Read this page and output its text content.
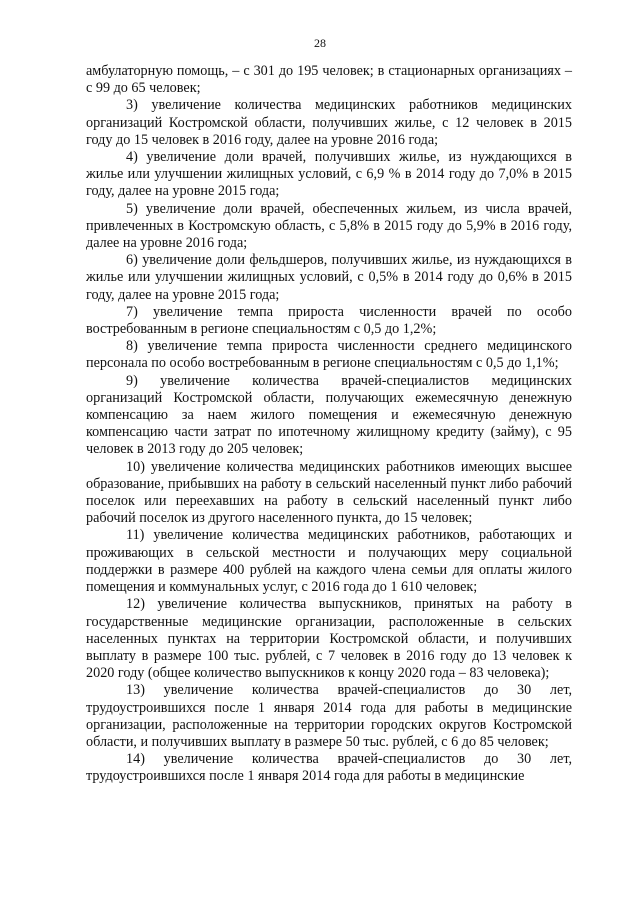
28

амбулаторную помощь, – с 301 до 195 человек; в стационарных организациях – с 99 до 65 человек;

3) увеличение количества медицинских работников медицинских организаций Костромской области, получивших жилье, с 12 человек в 2015 году до 15 человек в 2016 году, далее на уровне 2016 года;

4) увеличение доли врачей, получивших жилье, из нуждающихся в жилье или улучшении жилищных условий, с 6,9 % в 2014 году до 7,0% в 2015 году, далее на уровне 2015 года;

5) увеличение доли врачей, обеспеченных жильем, из числа врачей, привлеченных в Костромскую область, с 5,8% в 2015 году до 5,9% в 2016 году, далее на уровне 2016 года;

6) увеличение доли фельдшеров, получивших жилье, из нуждающихся в жилье или улучшении жилищных условий, с 0,5% в 2014 году до 0,6% в 2015 году, далее на уровне 2015 года;

7) увеличение темпа прироста численности врачей по особо востребованным в регионе специальностям с 0,5 до 1,2%;

8) увеличение темпа прироста численности среднего медицинского персонала по особо востребованным в регионе специальностям с 0,5 до 1,1%;

9) увеличение количества врачей-специалистов медицинских организаций Костромской области, получающих ежемесячную денежную компенсацию за наем жилого помещения и ежемесячную денежную компенсацию части затрат по ипотечному жилищному кредиту (займу), с 95 человек в 2013 году до 205 человек;

10) увеличение количества медицинских работников имеющих высшее образование, прибывших на работу в сельский населенный пункт либо рабочий поселок или переехавших на работу в сельский населенный пункт либо рабочий поселок из другого населенного пункта, до 15 человек;

11) увеличение количества медицинских работников, работающих и проживающих в сельской местности и получающих меру социальной поддержки в размере 400 рублей на каждого члена семьи для оплаты жилого помещения и коммунальных услуг, с 2016 года до 1 610 человек;

12) увеличение количества выпускников, принятых на работу в государственные медицинские организации, расположенные в сельских населенных пунктах на территории Костромской области, и получивших выплату в размере 100 тыс. рублей, с 7 человек в 2016 году до 13 человек к 2020 году (общее количество выпускников к концу 2020 года – 83 человека);

13) увеличение количества врачей-специалистов до 30 лет, трудоустроившихся после 1 января 2014 года для работы в медицинские организации, расположенные на территории городских округов Костромской области, и получивших выплату в размере 50 тыс. рублей, с 6 до 85 человек;

14) увеличение количества врачей-специалистов до 30 лет, трудоустроившихся после 1 января 2014 года для работы в медицинские
